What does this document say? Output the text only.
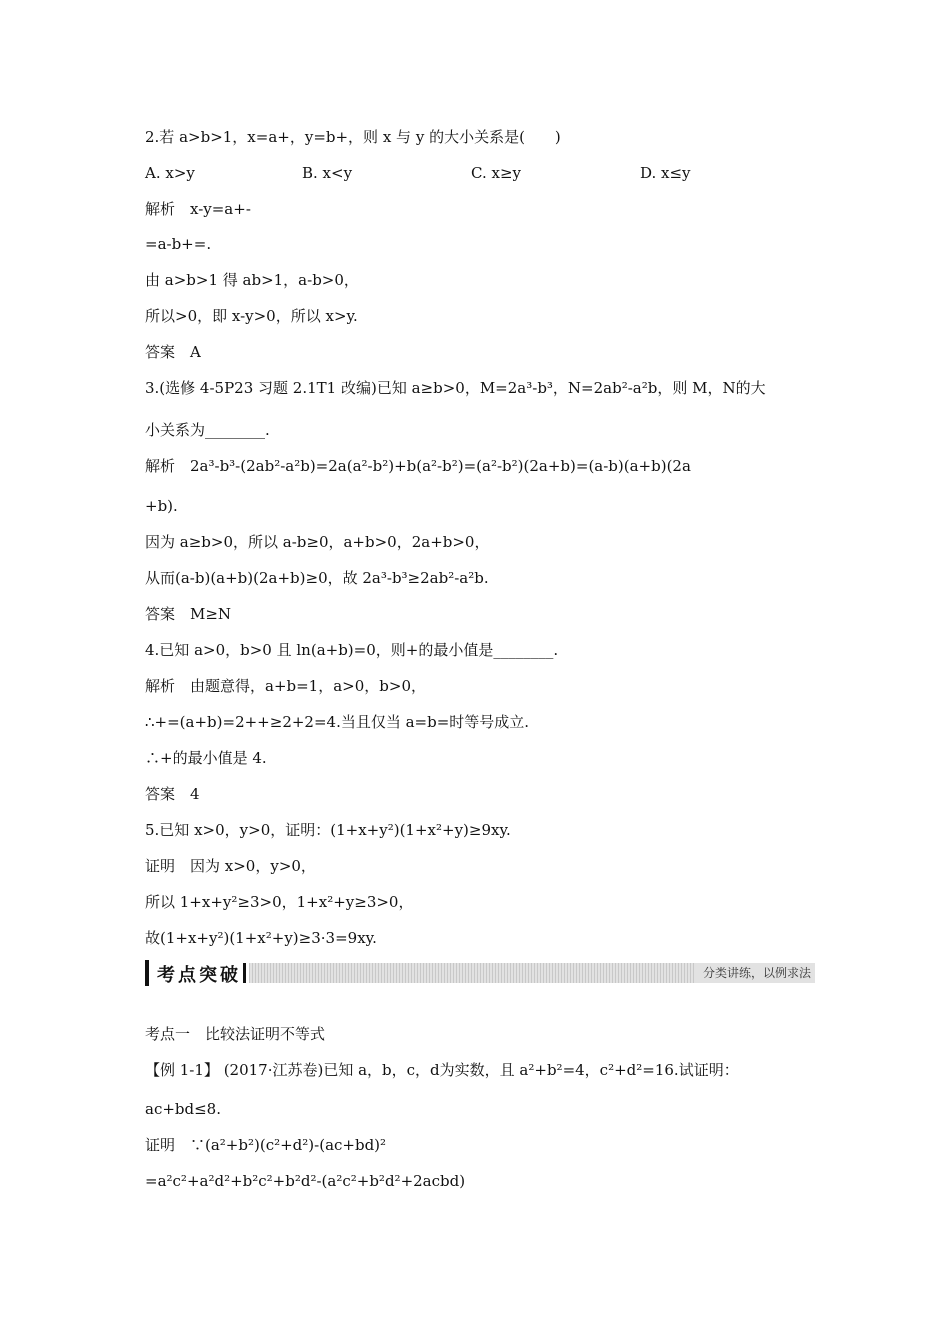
2.若 a>b>1，x=a+，y=b+，则 x 与 y 的大小关系是(　　)
A. x>y	B. x<y	C. x≥y	D. x≤y
解析　x-y=a+-
=a-b+=.
由 a>b>1 得 ab>1，a-b>0，
所以>0，即 x-y>0，所以 x>y.
答案　A
3.(选修 4-5P23 习题 2.1T1 改编)已知 a≥b>0，M=2a³-b³，N=2ab²-a²b，则 M，N的大
小关系为________.
解析　2a³-b³-(2ab²-a²b)=2a(a²-b²)+b(a²-b²)=(a²-b²)(2a+b)=(a-b)(a+b)(2a
+b).
因为 a≥b>0，所以 a-b≥0，a+b>0，2a+b>0，
从而(a-b)(a+b)(2a+b)≥0，故 2a³-b³≥2ab²-a²b.
答案　M≥N
4.已知 a>0，b>0 且 ln(a+b)=0，则+的最小值是________.
解析　由题意得，a+b=1，a>0，b>0，
∴+=(a+b)=2++≥2+2=4.当且仅当 a=b=时等号成立.
∴+的最小值是 4.
答案　4
5.已知 x>0，y>0，证明：(1+x+y²)(1+x²+y)≥9xy.
证明　因为 x>0，y>0，
所以 1+x+y²≥3>0，1+x²+y≥3>0，
故(1+x+y²)(1+x²+y)≥3·3=9xy.
考点突破	分类讲练，以例求法
考点一　比较法证明不等式
【例 1-1】 (2017·江苏卷)已知 a，b，c，d为实数，且 a²+b²=4，c²+d²=16.试证明：
ac+bd≤8.
证明　∵(a²+b²)(c²+d²)-(ac+bd)²
=a²c²+a²d²+b²c²+b²d²-(a²c²+b²d²+2acbd)
